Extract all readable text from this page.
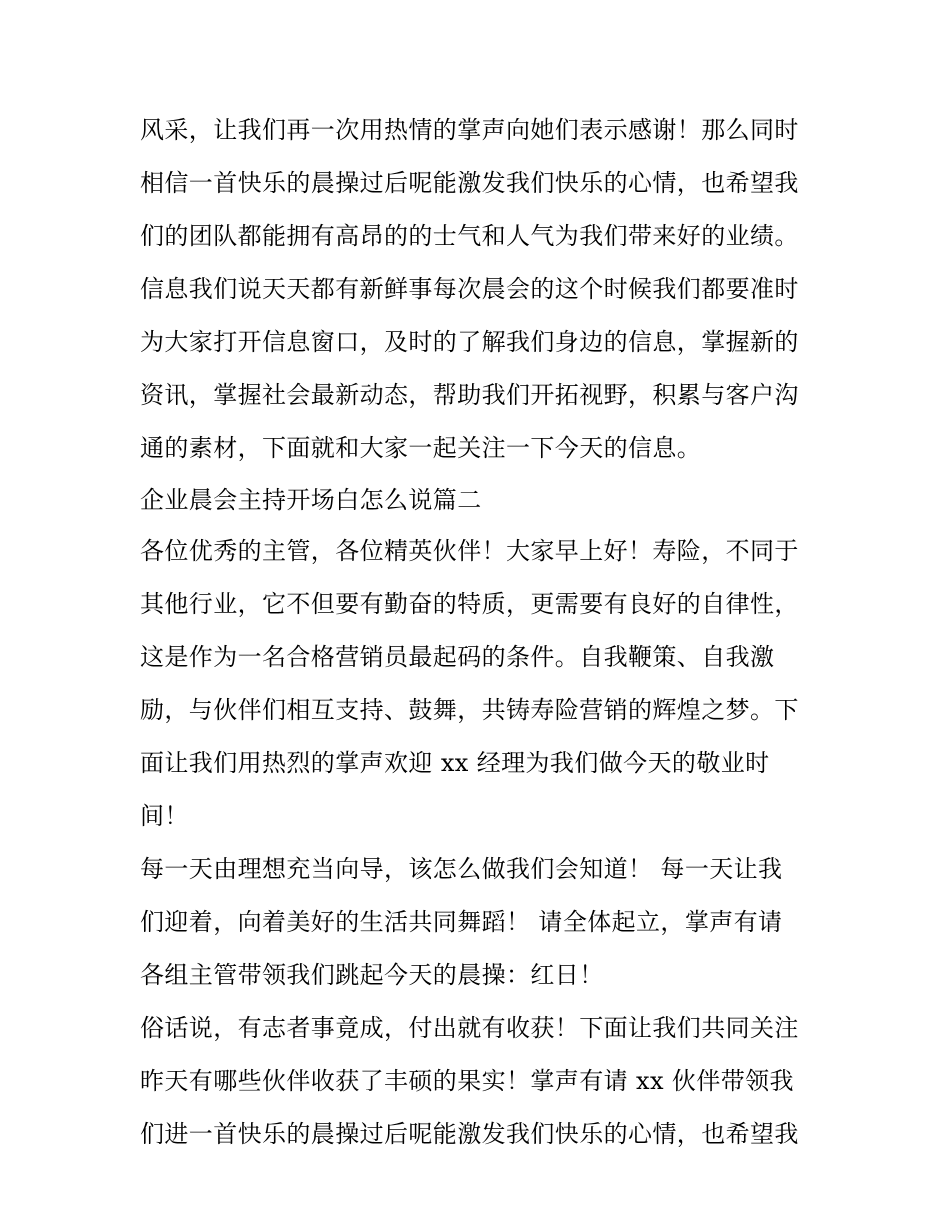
风采，让我们再一次用热情的掌声向她们表示感谢！那么同时
相信一首快乐的晨操过后呢能激发我们快乐的心情，也希望我
们的团队都能拥有高昂的的士气和人气为我们带来好的业绩。
信息我们说天天都有新鲜事每次晨会的这个时候我们都要准时
为大家打开信息窗口，及时的了解我们身边的信息，掌握新的
资讯，掌握社会最新动态，帮助我们开拓视野，积累与客户沟
通的素材，下面就和大家一起关注一下今天的信息。
企业晨会主持开场白怎么说篇二
各位优秀的主管，各位精英伙伴！大家早上好！寿险，不同于
其他行业，它不但要有勤奋的特质，更需要有良好的自律性，
这是作为一名合格营销员最起码的条件。自我鞭策、自我激
励，与伙伴们相互支持、鼓舞，共铸寿险营销的辉煌之梦。下
面让我们用热烈的掌声欢迎 xx 经理为我们做今天的敬业时
间！
每一天由理想充当向导，该怎么做我们会知道！ 每一天让我
们迎着，向着美好的生活共同舞蹈！ 请全体起立，掌声有请
各组主管带领我们跳起今天的晨操：红日！
俗话说，有志者事竟成，付出就有收获！下面让我们共同关注
昨天有哪些伙伴收获了丰硕的果实！掌声有请 xx 伙伴带领我
们进一首快乐的晨操过后呢能激发我们快乐的心情，也希望我
